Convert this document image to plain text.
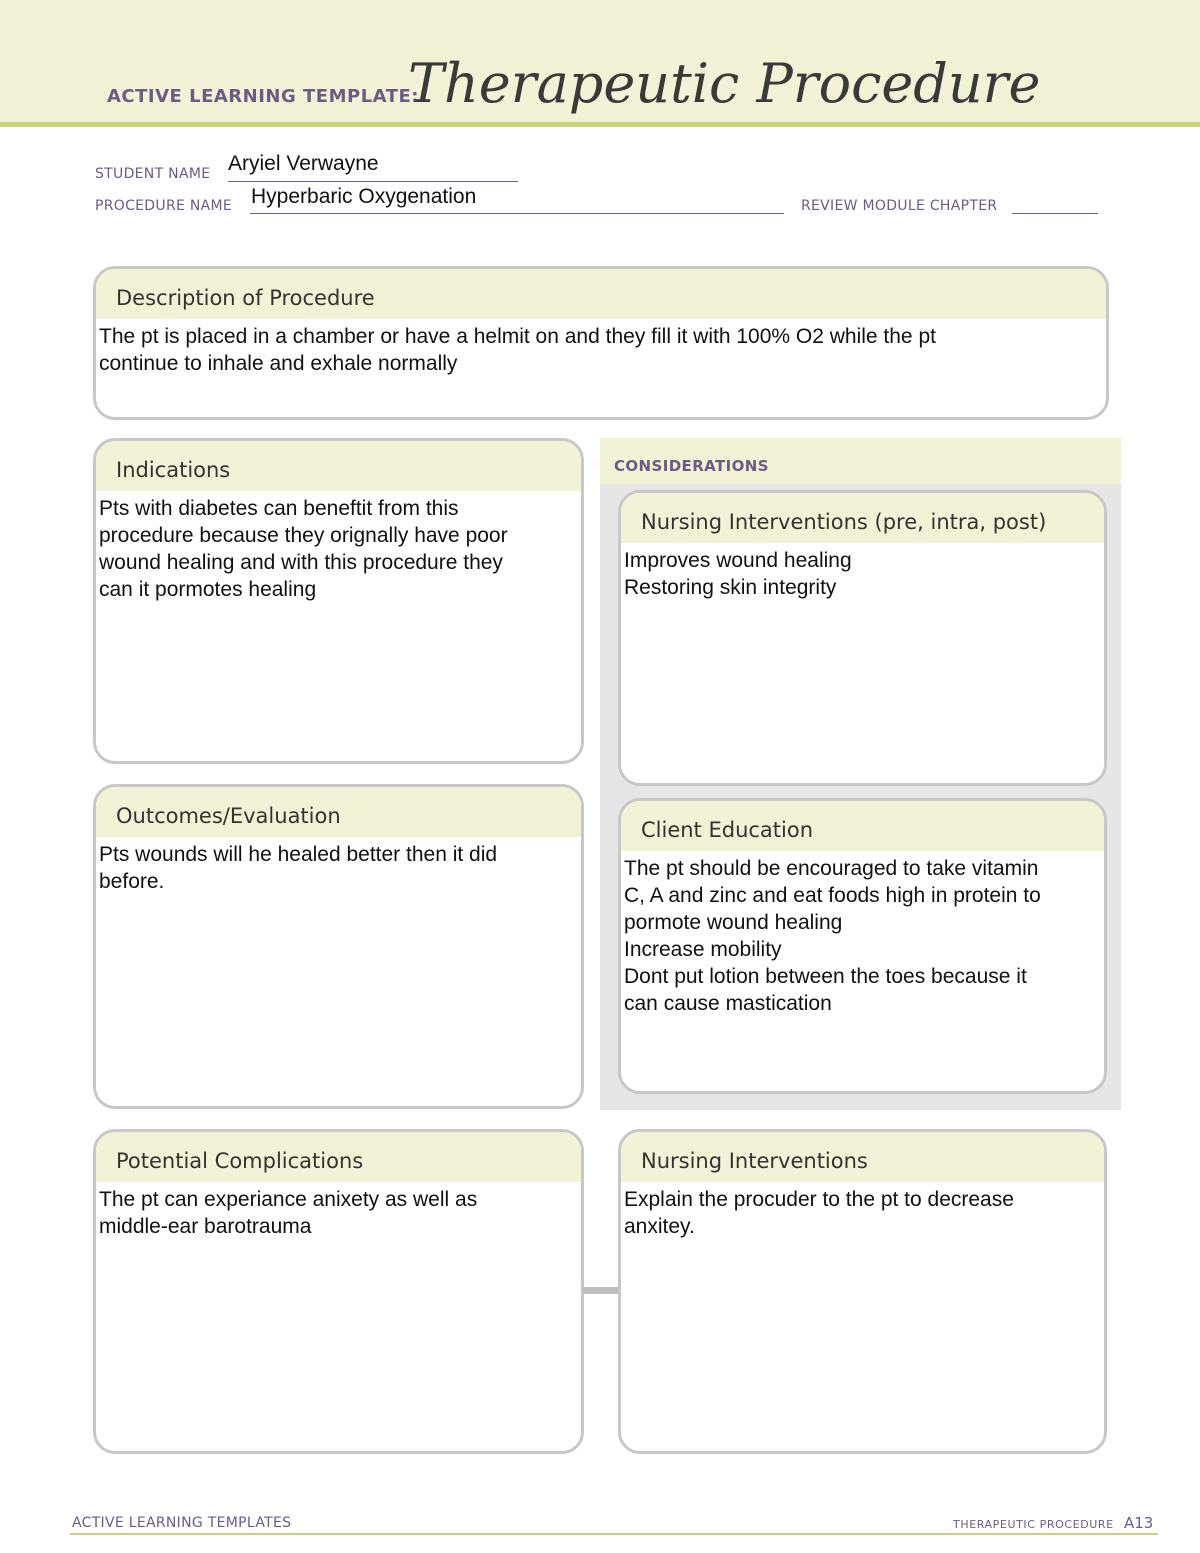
ACTIVE LEARNING TEMPLATE:
Therapeutic Procedure
STUDENT NAME Aryiel Verwayne
PROCEDURE NAME Hyperbaric Oxygenation	REVIEW MODULE CHAPTER
Description of Procedure
The pt is placed in a chamber or have a helmit on and they fill it with 100% O2 while the pt
continue to inhale and exhale normally
Indications
Pts with diabetes can beneftit from this
procedure because they orignally have poor
wound healing and with this procedure they
can it pormotes healing
CONSIDERATIONS
Nursing Interventions (pre, intra, post)
Improves wound healing
Restoring skin integrity
Outcomes/Evaluation
Pts wounds will he healed better then it did
before.
Client Education
The pt should be encouraged to take vitamin
C, A and zinc and eat foods high in protein to
pormote wound healing
Increase mobility
Dont put lotion between the toes because it
can cause mastication
Potential Complications
The pt can experiance anixety as well as
middle-ear barotrauma
Nursing Interventions
Explain the procuder to the pt to decrease
anxitey.
ACTIVE LEARNING TEMPLATES	THERAPEUTIC PROCEDURE A13
